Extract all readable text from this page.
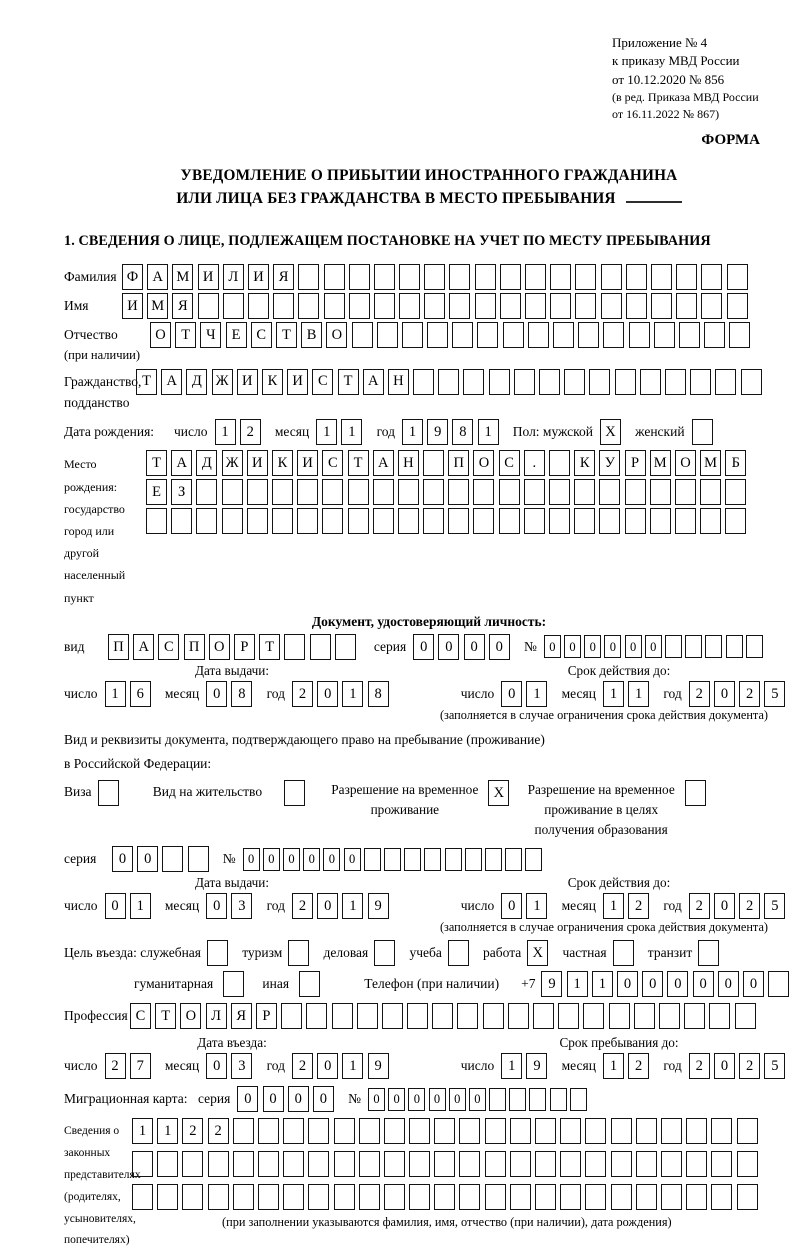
Приложение № 4
к приказу МВД России
от 10.12.2020 № 856
(в ред. Приказа МВД России
от 16.11.2022 № 867)
ФОРМА
УВЕДОМЛЕНИЕ О ПРИБЫТИИ ИНОСТРАННОГО ГРАЖДАНИНА
ИЛИ ЛИЦА БЕЗ ГРАЖДАНСТВА В МЕСТО ПРЕБЫВАНИЯ
1. СВЕДЕНИЯ О ЛИЦЕ, ПОДЛЕЖАЩЕМ ПОСТАНОВКЕ НА УЧЕТ ПО МЕСТУ ПРЕБЫВАНИЯ
Фамилия Ф А М И	Л	И	Я
Имя	И М Я
Отчество
(при наличии)
О	Т	Ч	Е	С	Т	В	О
Гражданство,
подданство
Т	А	Д Ж И	К	И	С	Т	А	Н
Дата рождения:	число 1	2	месяц 1	1	год 1	9	8	1	Пол: мужской X	женский
Место рождения:
государство
город или другой
населенный пункт
Т	А	Д Ж И	К	И	С	Т	А	Н	П	О	С	.	К	У	Р	М О М	Б
Е	З
Документ, удостоверяющий личность:
вид	П	А	С	П	О	Р	Т	серия 0	0	0	0	№ 0	0	0	0	0	0
Дата выдачи:	Срок действия до:
число 1	6	месяц 0	8	год 2	0	1	8	число 0	1	месяц 1	1	год 2	0	2	5
(заполняется в случае ограничения срока действия документа)
Вид и реквизиты документа, подтверждающего право на пребывание (проживание)
в Российской Федерации:
Виза	Вид на жительство	Разрешение на временное
проживание
X	Разрешение на временное
проживание в целях
получения образования
серия	0	0	№ 0	0	0	0	0	0
Дата выдачи:	Срок действия до:
число 0	1	месяц 0	3	год 2	0	1	9	число 0	1	месяц 1	2	год 2	0	2	5
(заполняется в случае ограничения срока действия документа)
Цель въезда: служебная	туризм	деловая	учеба	работа X	частная	транзит
гуманитарная	иная	Телефон (при наличии) +7 9	1	1	0	0	0	0	0	0
Профессия С	Т	О	Л	Я	Р
Дата въезда:	Срок пребывания до:
число 2	7	месяц 0	3	год 2	0	1	9	число 1	9	месяц 1	2	год 2	0	2	5
Миграционная карта: серия 0	0	0	0	№ 0	0	0	0	0	0
Сведения о
законных
представителях
(родителях,
усыновителях,
попечителях)
1	1	2	2
(при заполнении указываются фамилия, имя, отчество (при наличии), дата рождения)
